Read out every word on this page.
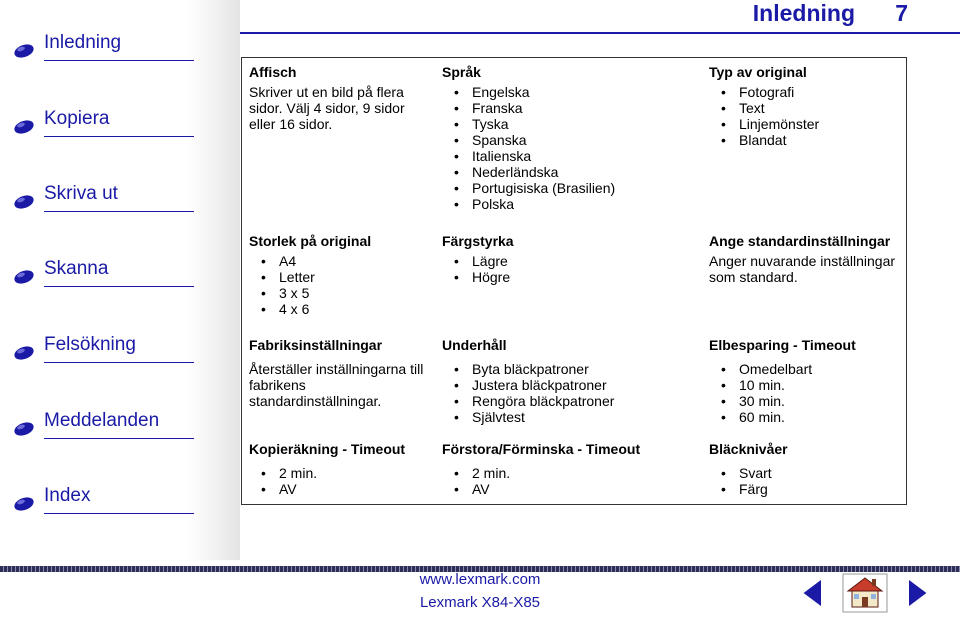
Inledning
Kopiera
Skriva ut
Skanna
Felsökning
Meddelanden
Index
Inledning 7
Affisch
Skriver ut en bild på flera sidor. Välj 4 sidor, 9 sidor eller 16 sidor.
Språk
• Engelska
• Franska
• Tyska
• Spanska
• Italienska
• Nederländska
• Portugisiska (Brasilien)
• Polska
Typ av original
• Fotografi
• Text
• Linjemönster
• Blandat
Storlek på original
• A4
• Letter
• 3 x 5
• 4 x 6
Färgstyrka
• Lägre
• Högre
Ange standardinställningar
Anger nuvarande inställningar som standard.
Fabriksinställningar
Återställer inställningarna till fabrikens standardinställningar.
Underhåll
• Byta bläckpatroner
• Justera bläckpatroner
• Rengöra bläckpatroner
• Självtest
Elbesparing - Timeout
• Omedelbart
• 10 min.
• 30 min.
• 60 min.
Kopieräkning - Timeout
• 2 min.
• AV
Förstora/Förminska - Timeout
• 2 min.
• AV
Bläcknivåer
• Svart
• Färg
www.lexmark.com
Lexmark X84-X85
